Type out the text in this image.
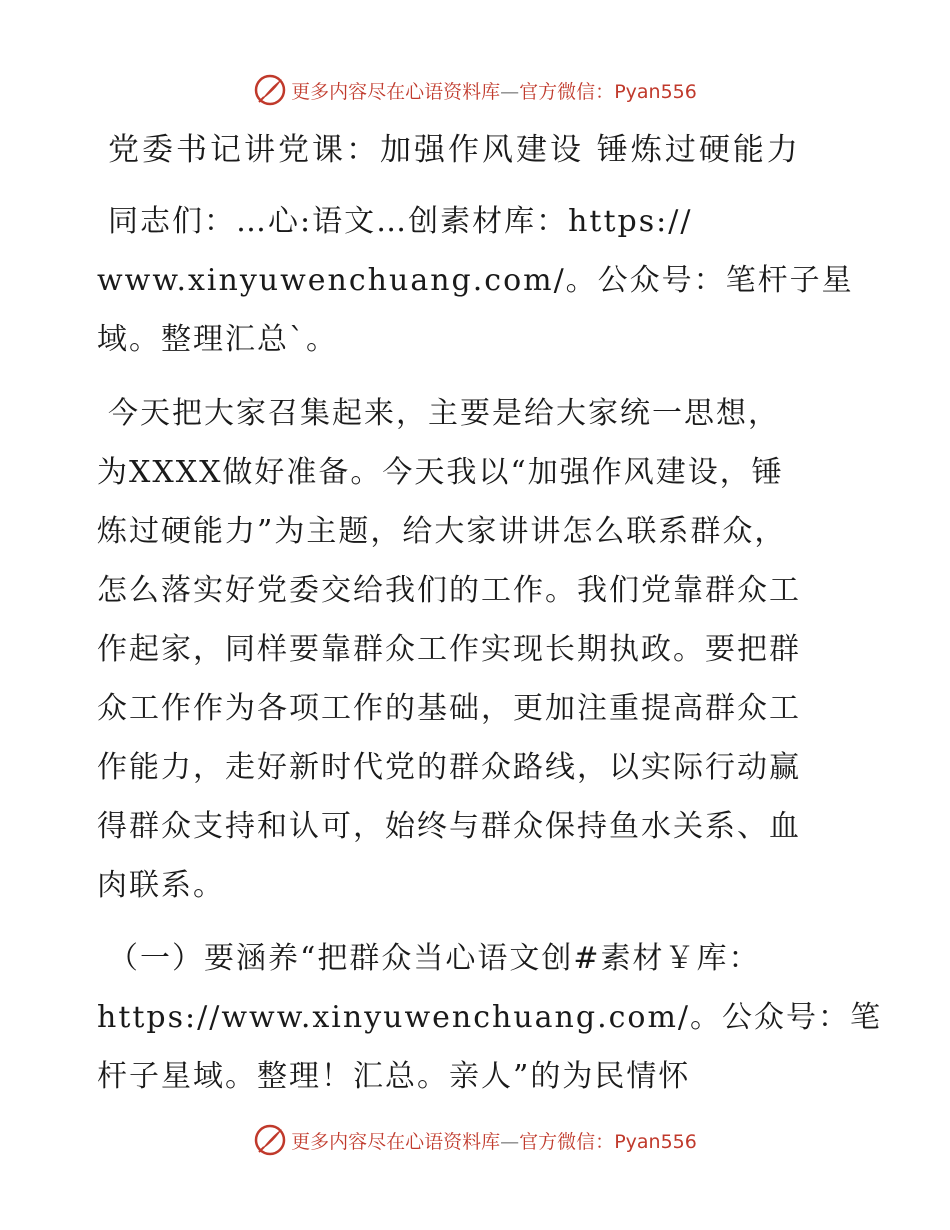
更多内容尽在心语资料库—官方微信：Pyan556
党委书记讲党课：加强作风建设 锤炼过硬能力

同志们：…心:语文…创素材库：https://
www.xinyuwenchuang.com/。公众号：笔杆子星
域。整理汇总`。

今天把大家召集起来，主要是给大家统一思想，
为XXXX做好准备。今天我以“加强作风建设，锤
炼过硬能力”为主题，给大家讲讲怎么联系群众，
怎么落实好党委交给我们的工作。我们党靠群众工
作起家，同样要靠群众工作实现长期执政。要把群
众工作作为各项工作的基础，更加注重提高群众工
作能力，走好新时代党的群众路线，以实际行动赢
得群众支持和认可，始终与群众保持鱼水关系、血
肉联系。

（一）要涵养“把群众当心语文创#素材￥库：
https://www.xinyuwenchuang.com/。公众号：笔
杆子星域。整理！汇总。亲人”的为民情怀

更多内容尽在心语资料库—官方微信：Pyan556
